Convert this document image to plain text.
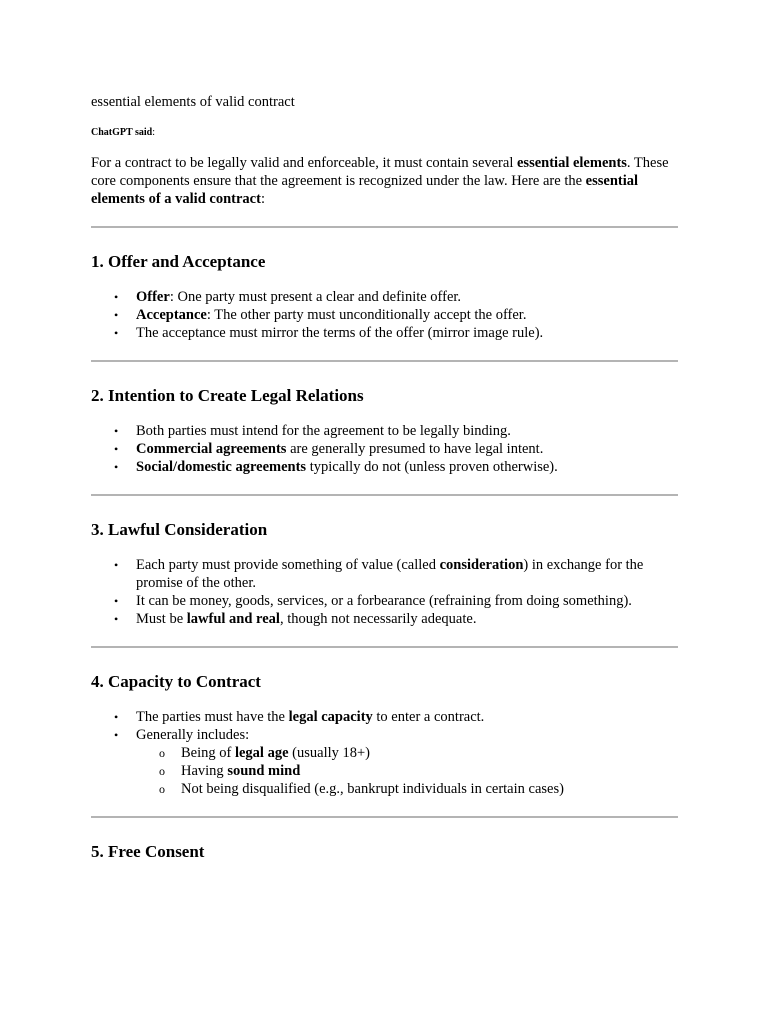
essential elements of valid contract

ChatGPT said:

For a contract to be legally valid and enforceable, it must contain several essential elements. These core components ensure that the agreement is recognized under the law. Here are the essential elements of a valid contract:

1. Offer and Acceptance
• Offer: One party must present a clear and definite offer.
• Acceptance: The other party must unconditionally accept the offer.
• The acceptance must mirror the terms of the offer (mirror image rule).
2. Intention to Create Legal Relations
• Both parties must intend for the agreement to be legally binding.
• Commercial agreements are generally presumed to have legal intent.
• Social/domestic agreements typically do not (unless proven otherwise).
3. Lawful Consideration
• Each party must provide something of value (called consideration) in exchange for the promise of the other.
• It can be money, goods, services, or a forbearance (refraining from doing something).
• Must be lawful and real, though not necessarily adequate.
4. Capacity to Contract
• The parties must have the legal capacity to enter a contract.
• Generally includes:
o Being of legal age (usually 18+)
o Having sound mind
o Not being disqualified (e.g., bankrupt individuals in certain cases)
5. Free Consent
